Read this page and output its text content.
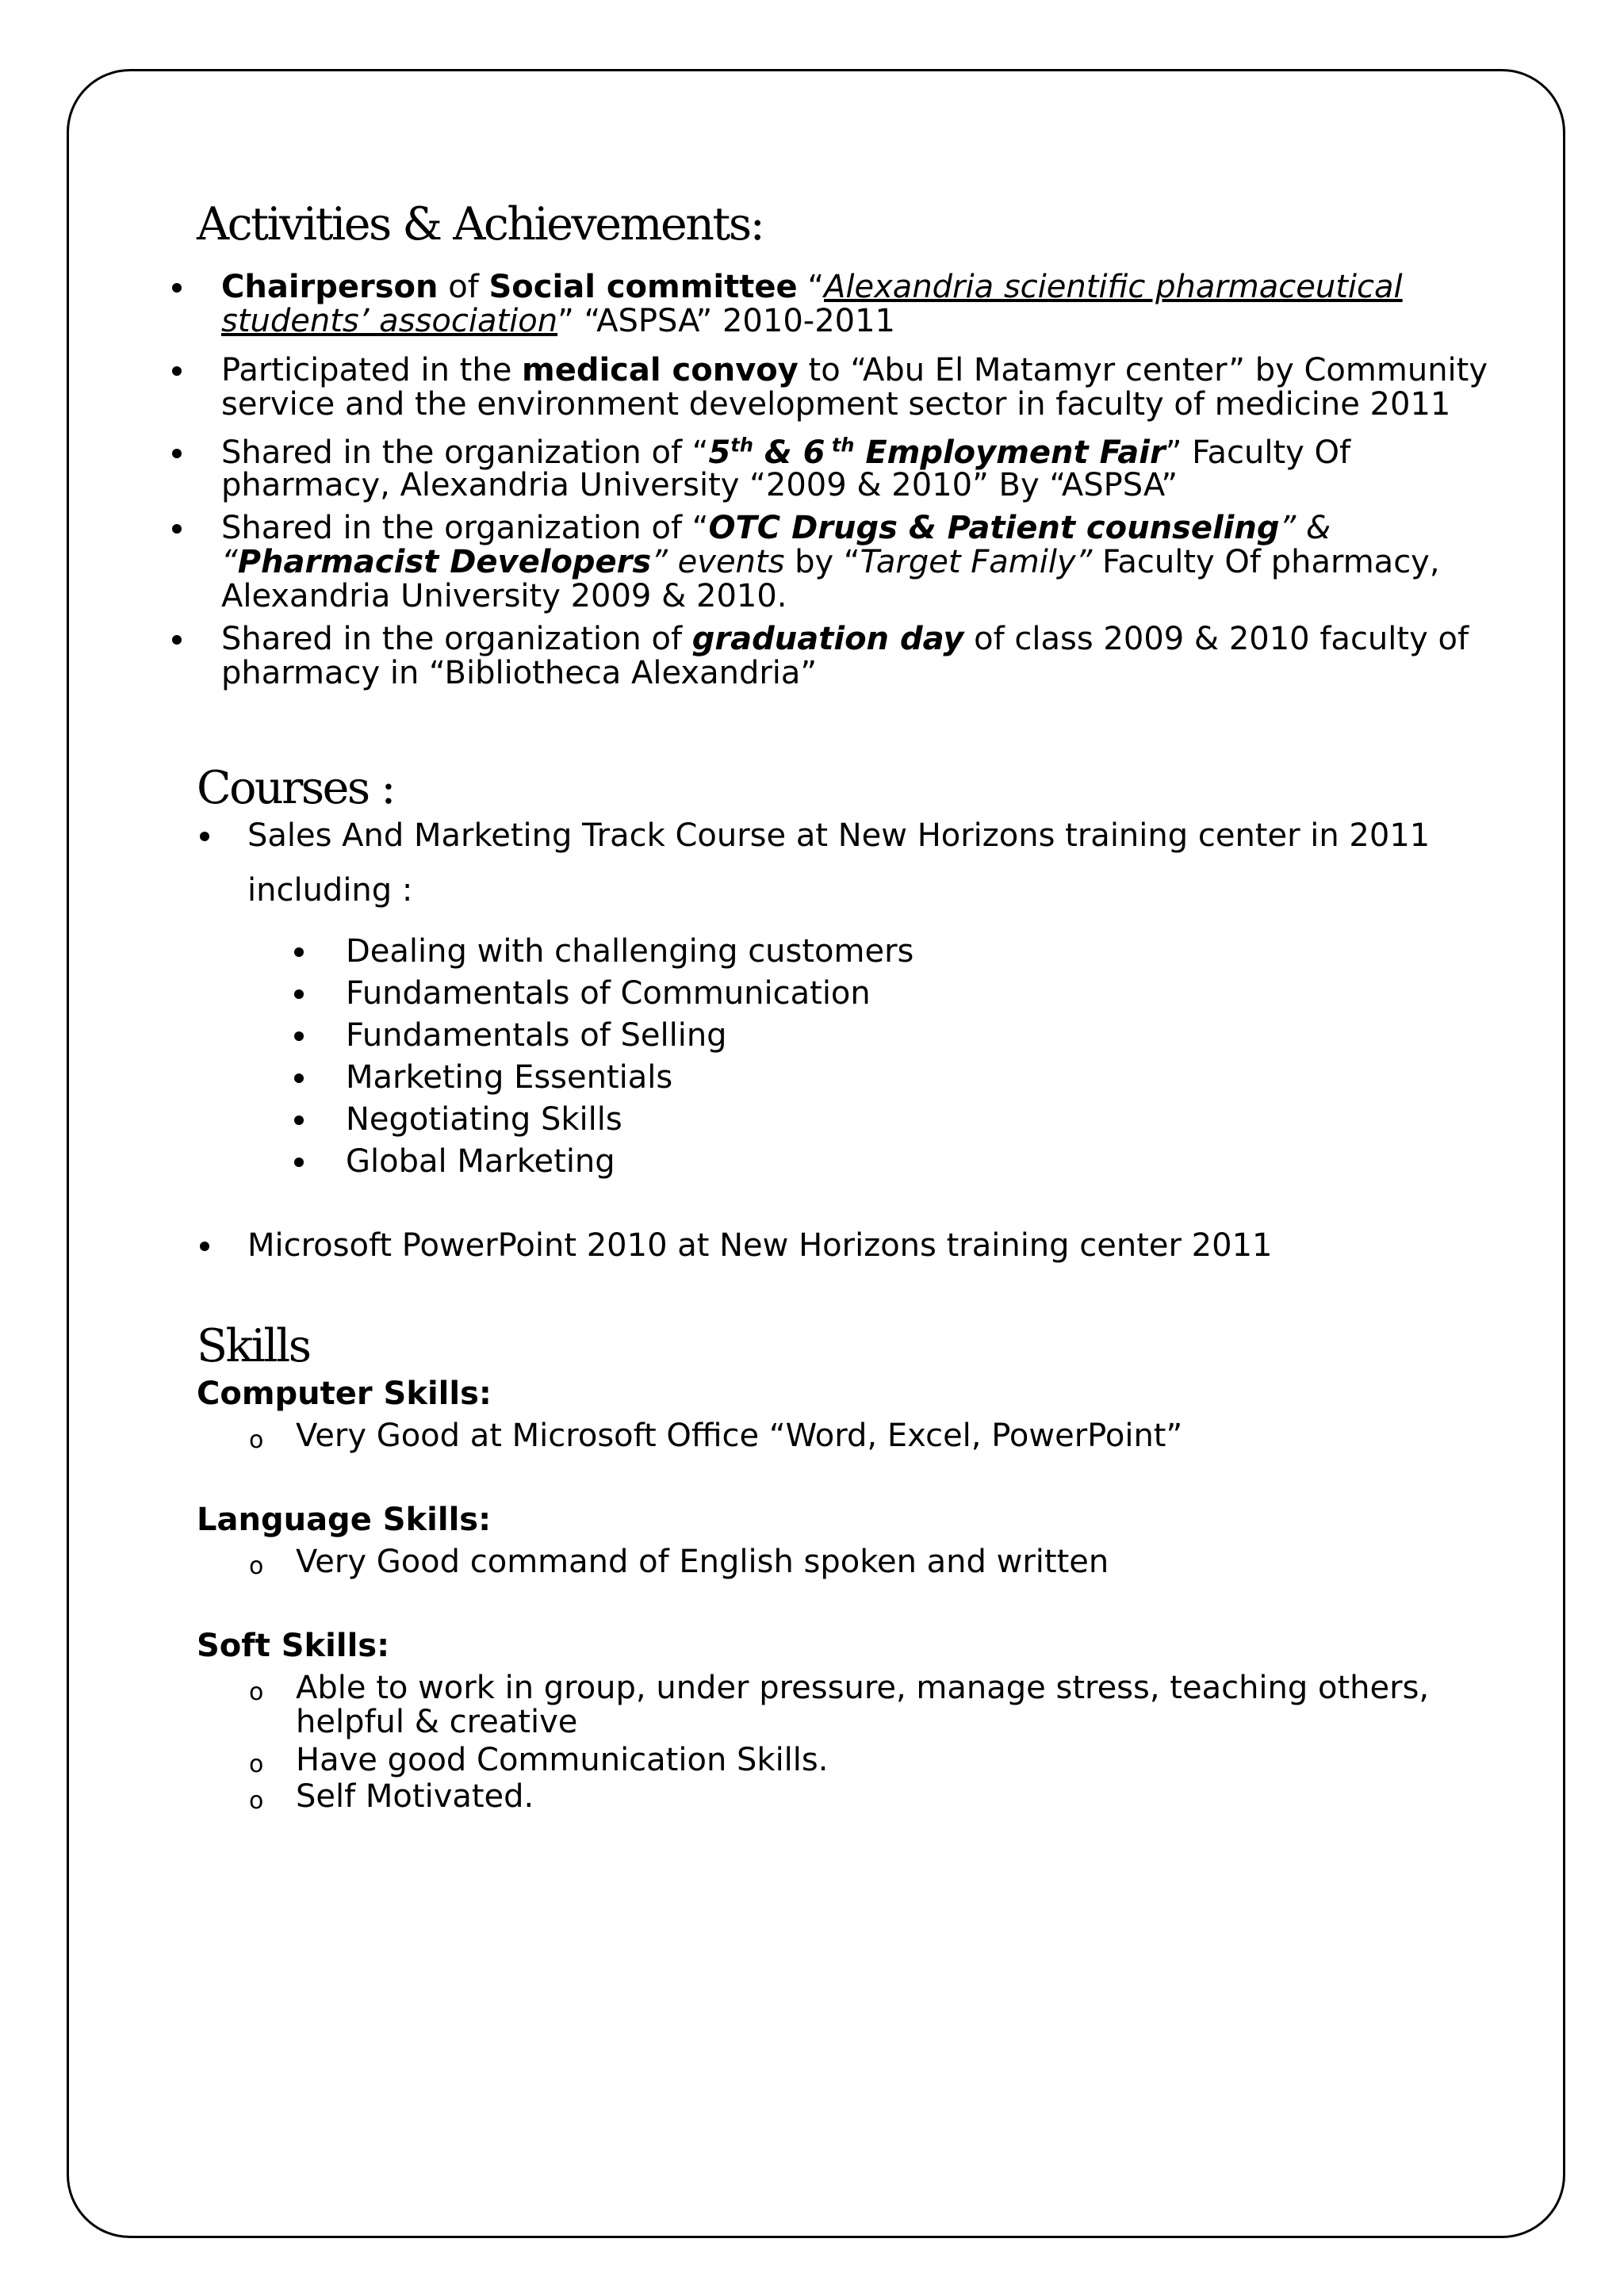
Activities & Achievements:
Chairperson of Social committee “Alexandria scientific pharmaceutical
students’ association” “ASPSA” 2010-2011
Participated in the medical convoy to “Abu El Matamyr center” by Community
service and the environment development sector in faculty of medicine 2011
Shared in the organization of “5th & 6 $^{th}$ Employment Fair” Faculty Of
pharmacy, Alexandria University “2009 & 2010” By “ASPSA”
Shared in the organization of “OTC Drugs & Patient counseling” &
“Pharmacist Developers” events by “Target Family” Faculty Of pharmacy,
Alexandria University 2009 & 2010.
Shared in the organization of graduation day of class 2009 & 2010 faculty of
pharmacy in “Bibliotheca Alexandria”
Courses :
Sales And Marketing Track Course at New Horizons training center in 2011
including :
Dealing with challenging customers
Fundamentals of Communication
Fundamentals of Selling
Marketing Essentials
Negotiating Skills
Global Marketing
Microsoft PowerPoint 2010 at New Horizons training center 2011
Skills
Computer Skills:
o Very Good at Microsoft Office “Word, Excel, PowerPoint”
Language Skills:
o Very Good command of English spoken and written
Soft Skills:
o Able to work in group, under pressure, manage stress, teaching others,
helpful & creative
o Have good Communication Skills.
o Self Motivated.
